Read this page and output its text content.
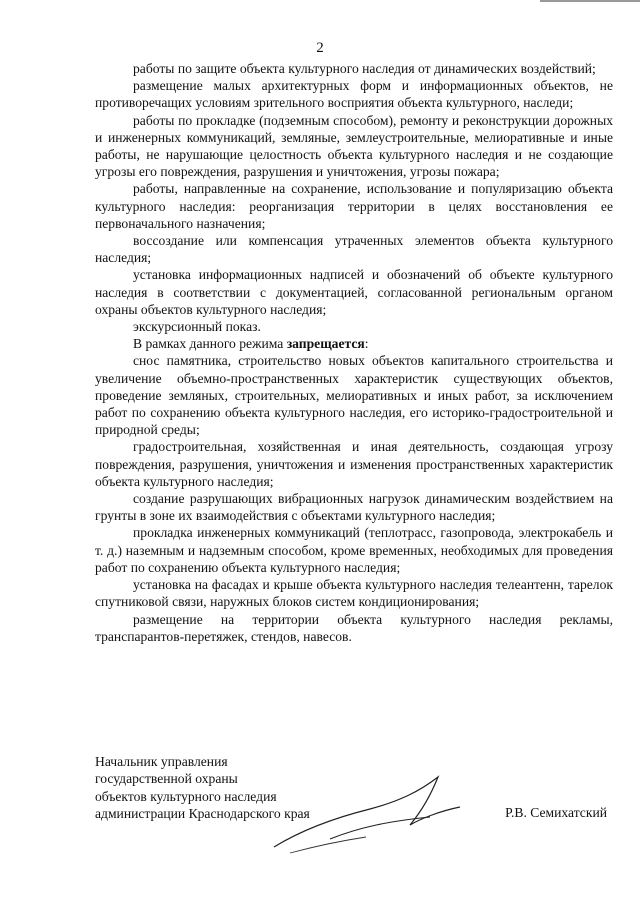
2

работы по защите объекта культурного наследия от динамических воздействий;

размещение малых архитектурных форм и информационных объектов, не противоречащих условиям зрительного восприятия объекта культурного, наследи;

работы по прокладке (подземным способом), ремонту и реконструкции дорожных и инженерных коммуникаций, земляные, землеустроительные, мелиоративные и иные работы, не нарушающие целостность объекта культурного наследия и не создающие угрозы его повреждения, разрушения и уничтожения, угрозы пожара;

работы, направленные на сохранение, использование и популяризацию объекта культурного наследия: реорганизация территории в целях восстановления ее первоначального назначения;

воссоздание или компенсация утраченных элементов объекта культурного наследия;

установка информационных надписей и обозначений об объекте культурного наследия в соответствии с документацией, согласованной региональным органом охраны объектов культурного наследия;

экскурсионный показ.

В рамках данного режима запрещается:

снос памятника, строительство новых объектов капитального строительства и увеличение объемно-пространственных характеристик существующих объектов, проведение земляных, строительных, мелиоративных и иных работ, за исключением работ по сохранению объекта культурного наследия, его историко-градостроительной и природной среды;

градостроительная, хозяйственная и иная деятельность, создающая угрозу повреждения, разрушения, уничтожения и изменения пространственных характеристик объекта культурного наследия;

создание разрушающих вибрационных нагрузок динамическим воздействием на грунты в зоне их взаимодействия с объектами культурного наследия;

прокладка инженерных коммуникаций (теплотрасс, газопровода, электрокабель и т. д.) наземным и надземным способом, кроме временных, необходимых для проведения работ по сохранению объекта культурного наследия;

установка на фасадах и крыше объекта культурного наследия телеантенн, тарелок спутниковой связи, наружных блоков систем кондиционирования;

размещение на территории объекта культурного наследия рекламы, транспарантов-перетяжек, стендов, навесов.

Начальник управления
государственной охраны
объектов культурного наследия
администрации Краснодарского края	Р.В. Семихатский
